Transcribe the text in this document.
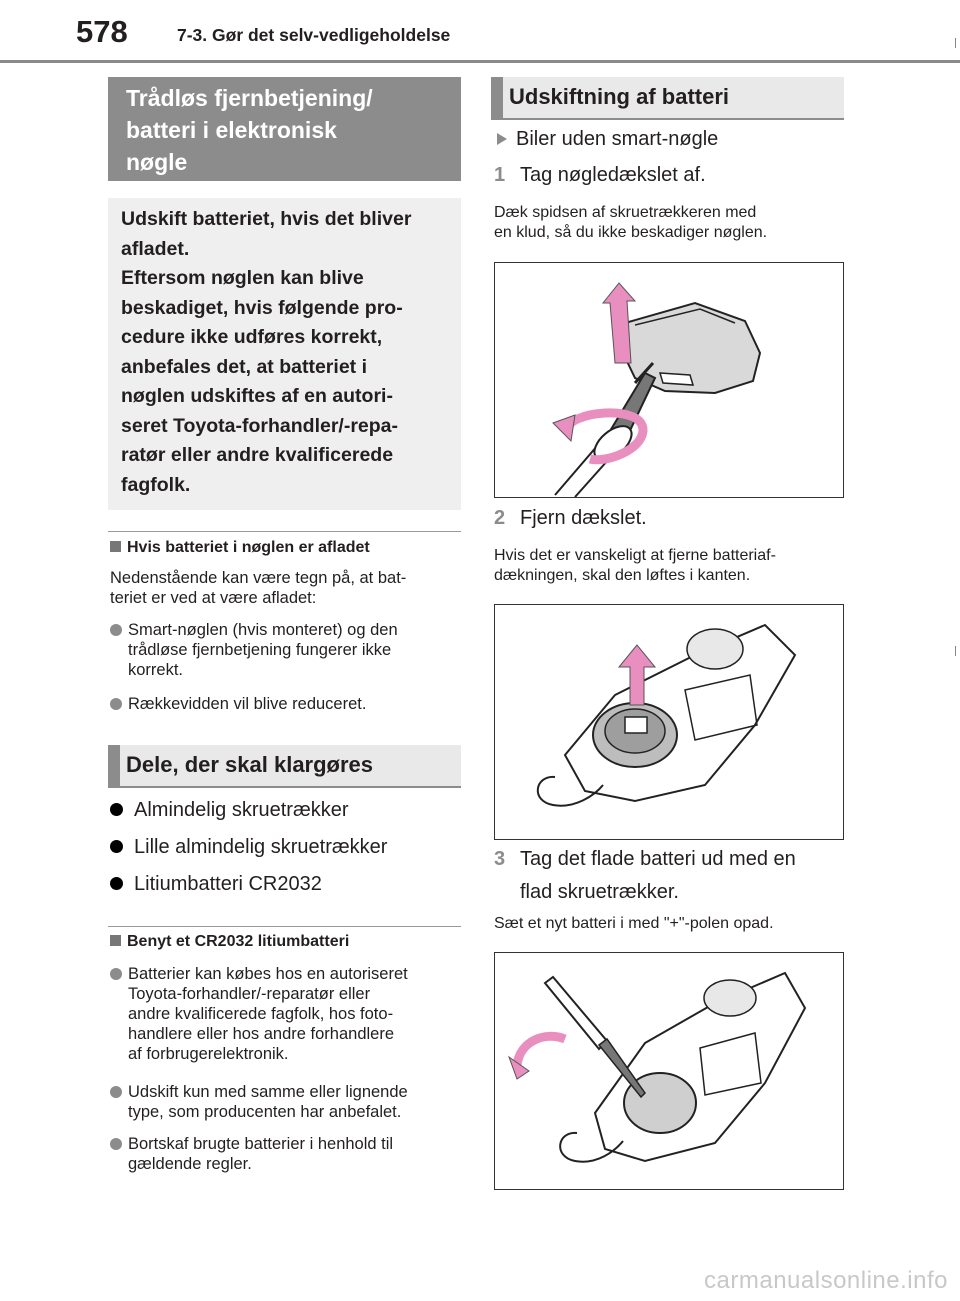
578	7-3. Gør det selv-vedligeholdelse
Trådløs fjernbetjening/
batteri i elektronisk
nøgle
Udskift batteriet, hvis det bliver
afladet.
Eftersom nøglen kan blive
beskadiget, hvis følgende pro-
cedure ikke udføres korrekt,
anbefales det, at batteriet i
nøglen udskiftes af en autori-
seret Toyota-forhandler/-repa-
ratør eller andre kvalificerede
fagfolk.
Hvis batteriet i nøglen er afladet
Nedenstående kan være tegn på, at bat-
teriet er ved at være afladet:
Smart-nøglen (hvis monteret) og den
trådløse fjernbetjening fungerer ikke
korrekt.
Rækkevidden vil blive reduceret.
Dele, der skal klargøres
Almindelig skruetrækker
Lille almindelig skruetrækker
Litiumbatteri CR2032
Benyt et CR2032 litiumbatteri
Batterier kan købes hos en autoriseret
Toyota-forhandler/-reparatør eller
andre kvalificerede fagfolk, hos foto-
handlere eller hos andre forhandlere
af forbrugerelektronik.
Udskift kun med samme eller lignende
type, som producenten har anbefalet.
Bortskaf brugte batterier i henhold til
gældende regler.
Udskiftning af batteri
Biler uden smart-nøgle
1 Tag nøgledækslet af.
Dæk spidsen af skruetrækkeren med
en klud, så du ikke beskadiger nøglen.
2 Fjern dækslet.
Hvis det er vanskeligt at fjerne batteriaf-
dækningen, skal den løftes i kanten.
3 Tag det flade batteri ud med en
flad skruetrækker.
Sæt et nyt batteri i med "+"-polen opad.
carmanualsonline.info
